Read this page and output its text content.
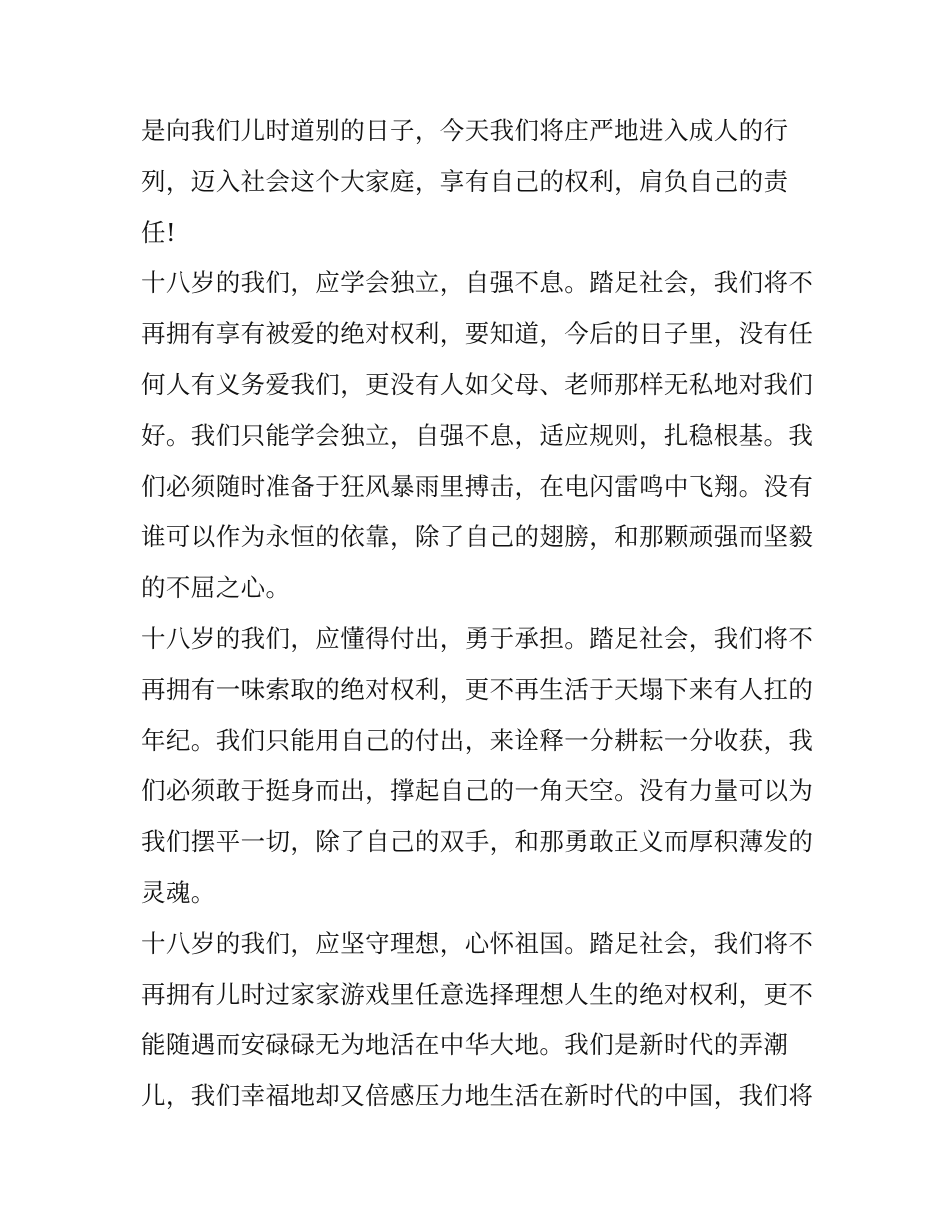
是向我们儿时道别的日子，今天我们将庄严地进入成人的行
列，迈入社会这个大家庭，享有自己的权利，肩负自己的责
任!
十八岁的我们，应学会独立，自强不息。踏足社会，我们将不
再拥有享有被爱的绝对权利，要知道，今后的日子里，没有任
何人有义务爱我们，更没有人如父母、老师那样无私地对我们
好。我们只能学会独立，自强不息，适应规则，扎稳根基。我
们必须随时准备于狂风暴雨里搏击，在电闪雷鸣中飞翔。没有
谁可以作为永恒的依靠，除了自己的翅膀，和那颗顽强而坚毅
的不屈之心。
十八岁的我们，应懂得付出，勇于承担。踏足社会，我们将不
再拥有一味索取的绝对权利，更不再生活于天塌下来有人扛的
年纪。我们只能用自己的付出，来诠释一分耕耘一分收获，我
们必须敢于挺身而出，撑起自己的一角天空。没有力量可以为
我们摆平一切，除了自己的双手，和那勇敢正义而厚积薄发的
灵魂。
十八岁的我们，应坚守理想，心怀祖国。踏足社会，我们将不
再拥有儿时过家家游戏里任意选择理想人生的绝对权利，更不
能随遇而安碌碌无为地活在中华大地。我们是新时代的弄潮
儿，我们幸福地却又倍感压力地生活在新时代的中国，我们将
